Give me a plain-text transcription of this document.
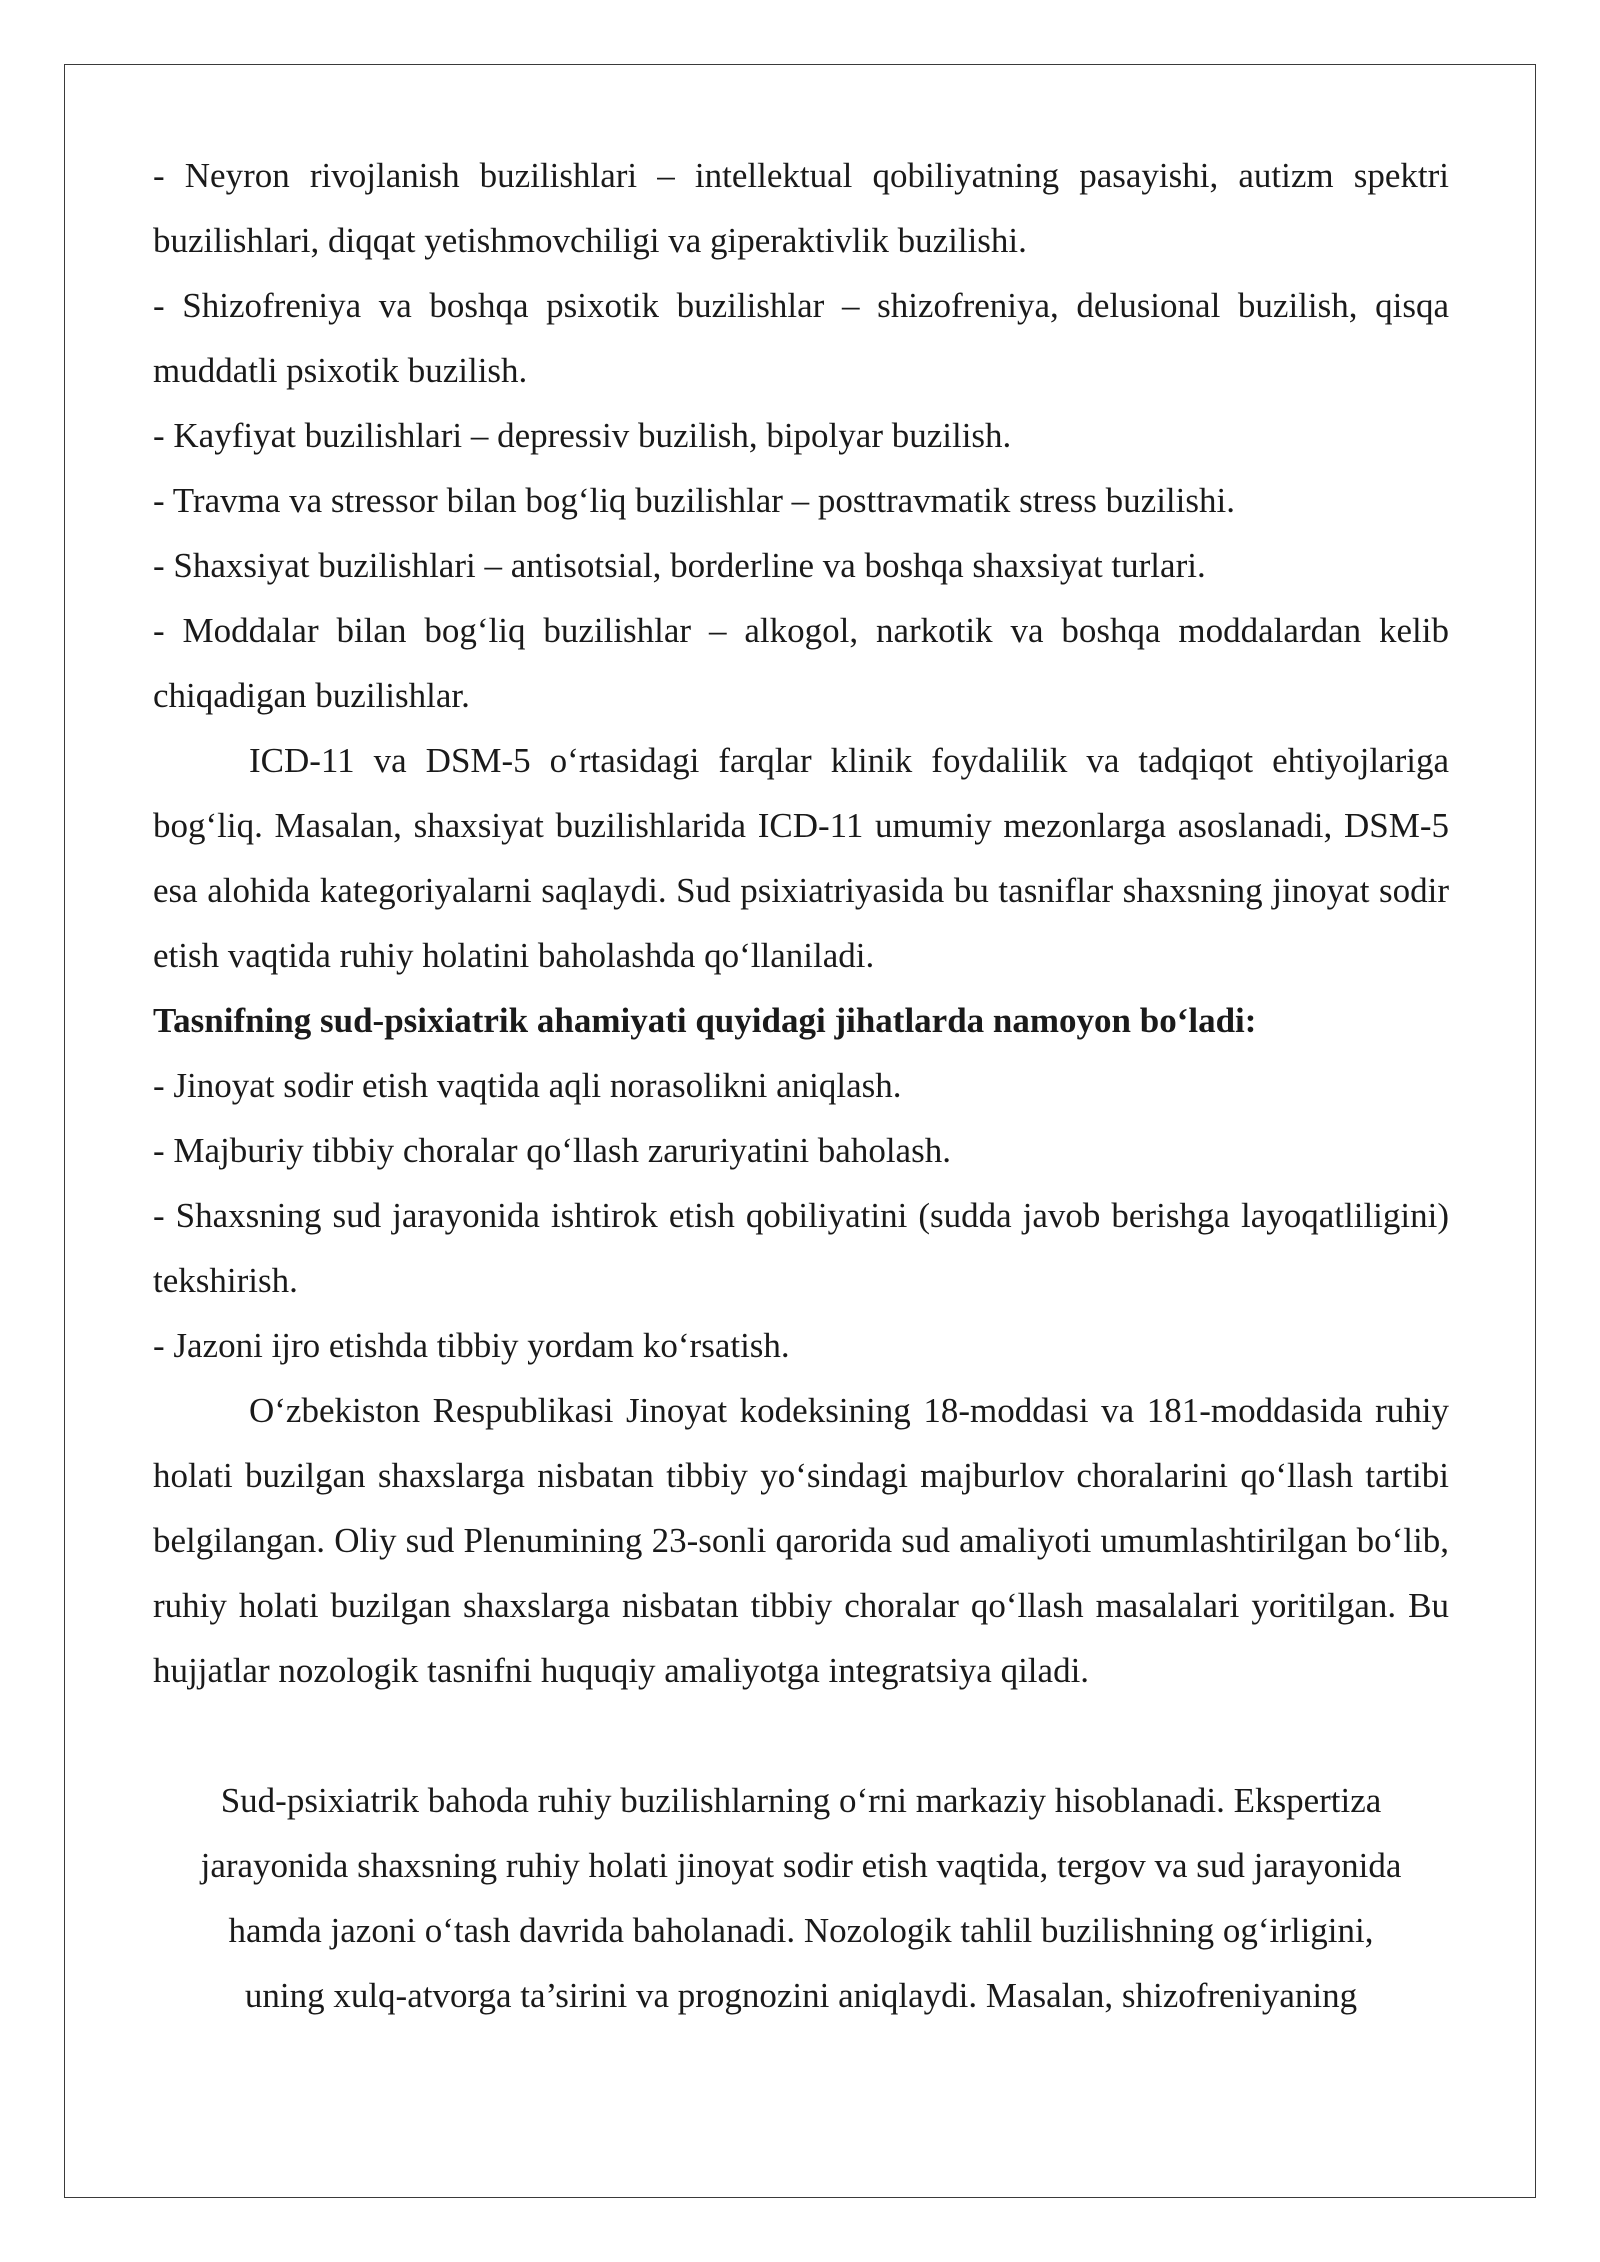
- Neyron rivojlanish buzilishlari – intellektual qobiliyatning pasayishi, autizm spektri buzilishlari, diqqat yetishmovchiligi va giperaktivlik buzilishi.

- Shizofreniya va boshqa psixotik buzilishlar – shizofreniya, delusional buzilish, qisqa muddatli psixotik buzilish.

- Kayfiyat buzilishlari – depressiv buzilish, bipolyar buzilish.

- Travma va stressor bilan bog‘liq buzilishlar – posttravmatik stress buzilishi.

- Shaxsiyat buzilishlari – antisotsial, borderline va boshqa shaxsiyat turlari.

- Moddalar bilan bog‘liq buzilishlar – alkogol, narkotik va boshqa moddalardan kelib chiqadigan buzilishlar.

ICD-11 va DSM-5 o‘rtasidagi farqlar klinik foydalilik va tadqiqot ehtiyojlariga bog‘liq. Masalan, shaxsiyat buzilishlarida ICD-11 umumiy mezonlarga asoslanadi, DSM-5 esa alohida kategoriyalarni saqlaydi. Sud psixiatriyasida bu tasniflar shaxsning jinoyat sodir etish vaqtida ruhiy holatini baholashda qo‘llaniladi.

Tasnifning sud-psixiatrik ahamiyati quyidagi jihatlarda namoyon bo‘ladi:

- Jinoyat sodir etish vaqtida aqli norasolikni aniqlash.

- Majburiy tibbiy choralar qo‘llash zaruriyatini baholash.

- Shaxsning sud jarayonida ishtirok etish qobiliyatini (sudda javob berishga layoqatliligini) tekshirish.

- Jazoni ijro etishda tibbiy yordam ko‘rsatish.

O‘zbekiston Respublikasi Jinoyat kodeksining 18-moddasi va 181-moddasida ruhiy holati buzilgan shaxslarga nisbatan tibbiy yo‘sindagi majburlov choralarini qo‘llash tartibi belgilangan. Oliy sud Plenumining 23-sonli qarorida sud amaliyoti umumlashtirilgan bo‘lib, ruhiy holati buzilgan shaxslarga nisbatan tibbiy choralar qo‘llash masalalari yoritilgan. Bu hujjatlar nozologik tasnifni huquqiy amaliyotga integratsiya qiladi.

Sud-psixiatrik bahoda ruhiy buzilishlarning o‘rni markaziy hisoblanadi. Ekspertiza
jarayonida shaxsning ruhiy holati jinoyat sodir etish vaqtida, tergov va sud jarayonida
hamda jazoni o‘tash davrida baholanadi. Nozologik tahlil buzilishning og‘irligini,
uning xulq-atvorga ta’sirini va prognozini aniqlaydi. Masalan, shizofreniyaning
